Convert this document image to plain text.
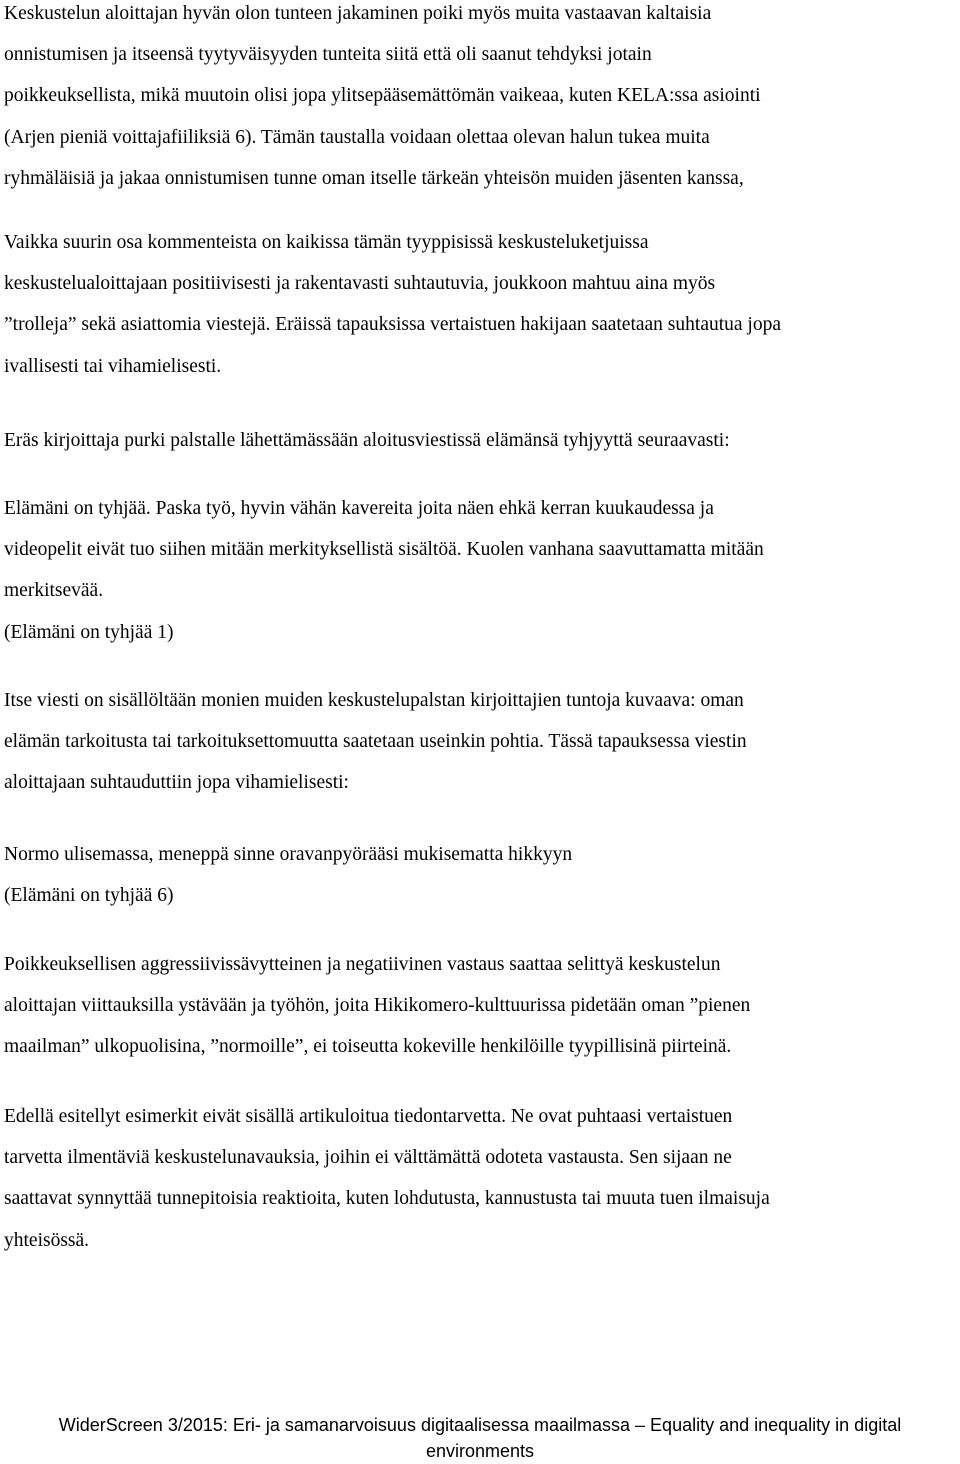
Keskustelun aloittajan hyvän olon tunteen jakaminen poiki myös muita vastaavan kaltaisia
onnistumisen ja itseensä tyytyväisyyden tunteita siitä että oli saanut tehdyksi jotain
poikkeuksellista, mikä muutoin olisi jopa ylitsepääsemättömän vaikeaa, kuten KELA:ssa asiointi
(Arjen pieniä voittajafiiliksiä 6). Tämän taustalla voidaan olettaa olevan halun tukea muita
ryhmäläisiä ja jakaa onnistumisen tunne oman itselle tärkeän yhteisön muiden jäsenten kanssa,

Vaikka suurin osa kommenteista on kaikissa tämän tyyppisissä keskusteluketjuissa
keskustelualoittajaan positiivisesti ja rakentavasti suhtautuvia, joukkoon mahtuu aina myös
”trolleja” sekä asiattomia viestejä. Eräissä tapauksissa vertaistuen hakijaan saatetaan suhtautua jopa
ivallisesti tai vihamielisesti.

Eräs kirjoittaja purki palstalle lähettämässään aloitusviestissä elämänsä tyhjyyttä seuraavasti:

Elämäni on tyhjää. Paska työ, hyvin vähän kavereita joita näen ehkä kerran kuukaudessa ja
videopelit eivät tuo siihen mitään merkityksellistä sisältöä. Kuolen vanhana saavuttamatta mitään
merkitsevää.

(Elämäni on tyhjää 1)

Itse viesti on sisällöltään monien muiden keskustelupalstan kirjoittajien tuntoja kuvaava: oman
elämän tarkoitusta tai tarkoituksettomuutta saatetaan useinkin pohtia. Tässä tapauksessa viestin
aloittajaan suhtauduttiin jopa vihamielisesti:

Normo ulisemassa, meneppä sinne oravanpyörääsi mukisematta hikkyyn
(Elämäni on tyhjää 6)

Poikkeuksellisen aggressiivissävytteinen ja negatiivinen vastaus saattaa selittyä keskustelun
aloittajan viittauksilla ystävään ja työhön, joita Hikikomero-kulttuurissa pidetään oman ”pienen
maailman” ulkopuolisina, ”normoille”, ei toiseutta kokeville henkilöille tyypillisinä piirteinä.

Edellä esitellyt esimerkit eivät sisällä artikuloitua tiedontarvetta. Ne ovat puhtaasi vertaistuen
tarvetta ilmentäviä keskustelunavauksia, joihin ei välttämättä odoteta vastausta. Sen sijaan ne
saattavat synnyttää tunnepitoisia reaktioita, kuten lohdutusta, kannustusta tai muuta tuen ilmaisuja
yhteisössä.

WiderScreen 3/2015: Eri- ja samanarvoisuus digitaalisessa maailmassa – Equality and inequality in digital
environments
